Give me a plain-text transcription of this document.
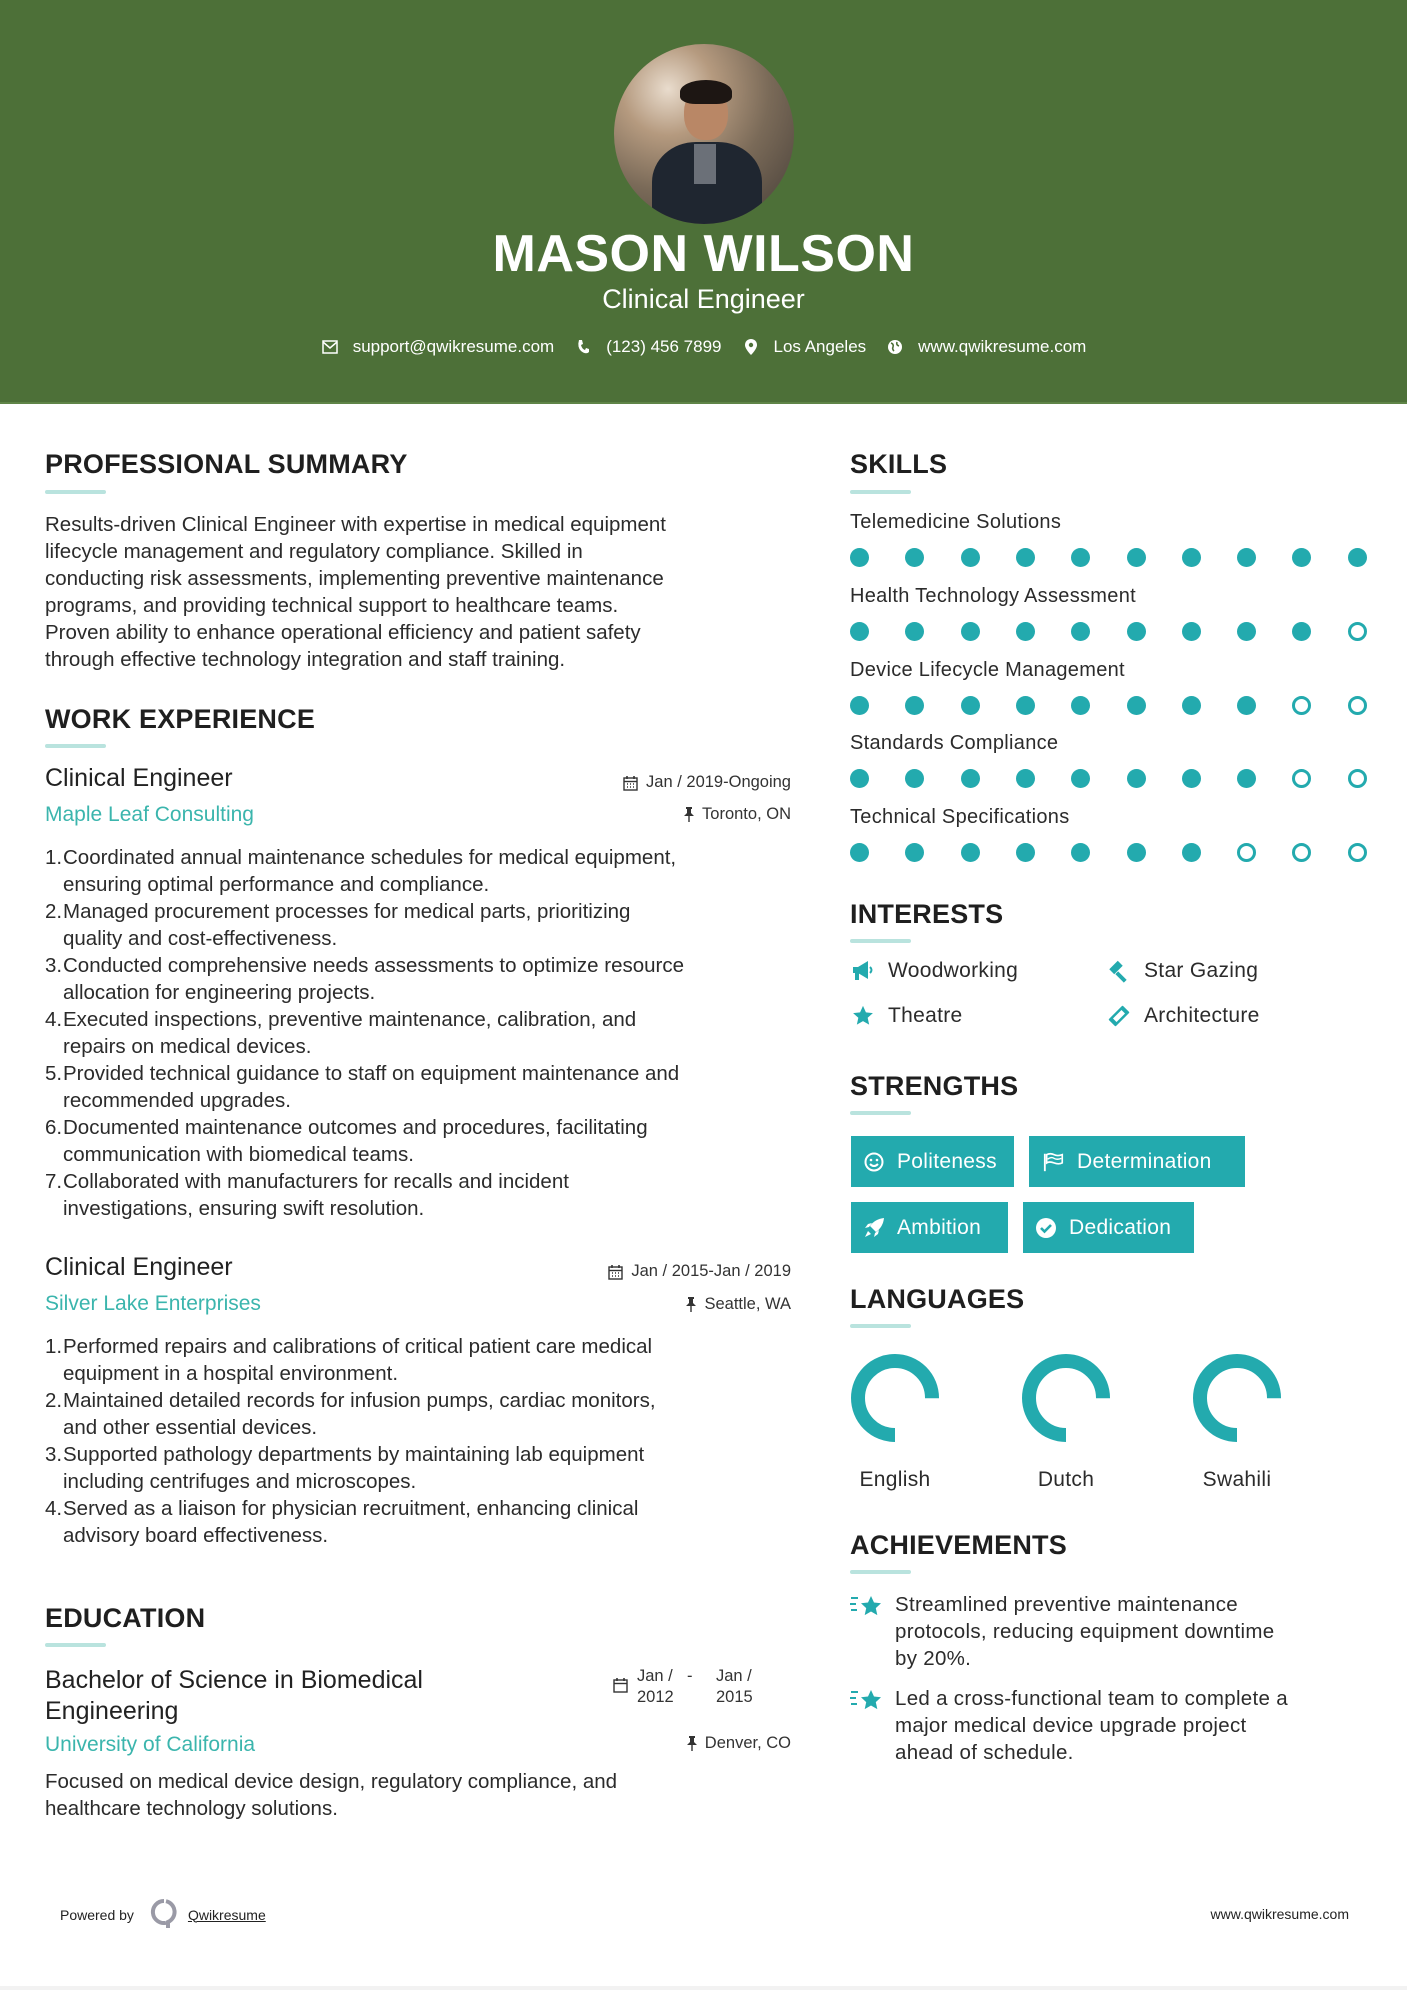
MASON WILSON
Clinical Engineer
support@qwikresume.com	(123) 456 7899	Los Angeles	www.qwikresume.com
PROFESSIONAL SUMMARY
Results-driven Clinical Engineer with expertise in medical equipment
lifecycle management and regulatory compliance. Skilled in
conducting risk assessments, implementing preventive maintenance
programs, and providing technical support to healthcare teams.
Proven ability to enhance operational efficiency and patient safety
through effective technology integration and staff training.
WORK EXPERIENCE
Clinical Engineer
Maple Leaf Consulting
Jan / 2019-Ongoing
Toronto, ON
1. Coordinated annual maintenance schedules for medical equipment,
ensuring optimal performance and compliance.
2. Managed procurement processes for medical parts, prioritizing
quality and cost-effectiveness.
3. Conducted comprehensive needs assessments to optimize resource
allocation for engineering projects.
4. Executed inspections, preventive maintenance, calibration, and
repairs on medical devices.
5. Provided technical guidance to staff on equipment maintenance and
recommended upgrades.
6. Documented maintenance outcomes and procedures, facilitating
communication with biomedical teams.
7. Collaborated with manufacturers for recalls and incident
investigations, ensuring swift resolution.
Clinical Engineer
Silver Lake Enterprises
Jan / 2015-Jan / 2019
Seattle, WA
1. Performed repairs and calibrations of critical patient care medical
equipment in a hospital environment.
2. Maintained detailed records for infusion pumps, cardiac monitors,
and other essential devices.
3. Supported pathology departments by maintaining lab equipment
including centrifuges and microscopes.
4. Served as a liaison for physician recruitment, enhancing clinical
advisory board effectiveness.
EDUCATION
Bachelor of Science in Biomedical
Engineering
Jan /
2012
- Jan /
2015
University of California	Denver, CO
Focused on medical device design, regulatory compliance, and
healthcare technology solutions.
SKILLS
Telemedicine Solutions
Health Technology Assessment
Device Lifecycle Management
Standards Compliance
Technical Specifications
INTERESTS
Woodworking	Star Gazing
Theatre	Architecture
STRENGTHS
Politeness	Determination
Ambition	Dedication
LANGUAGES
English	Dutch	Swahili
ACHIEVEMENTS
Streamlined preventive maintenance
protocols, reducing equipment downtime
by 20%.
Led a cross-functional team to complete a
major medical device upgrade project
ahead of schedule.
Powered by	Qwikresume	www.qwikresume.com
